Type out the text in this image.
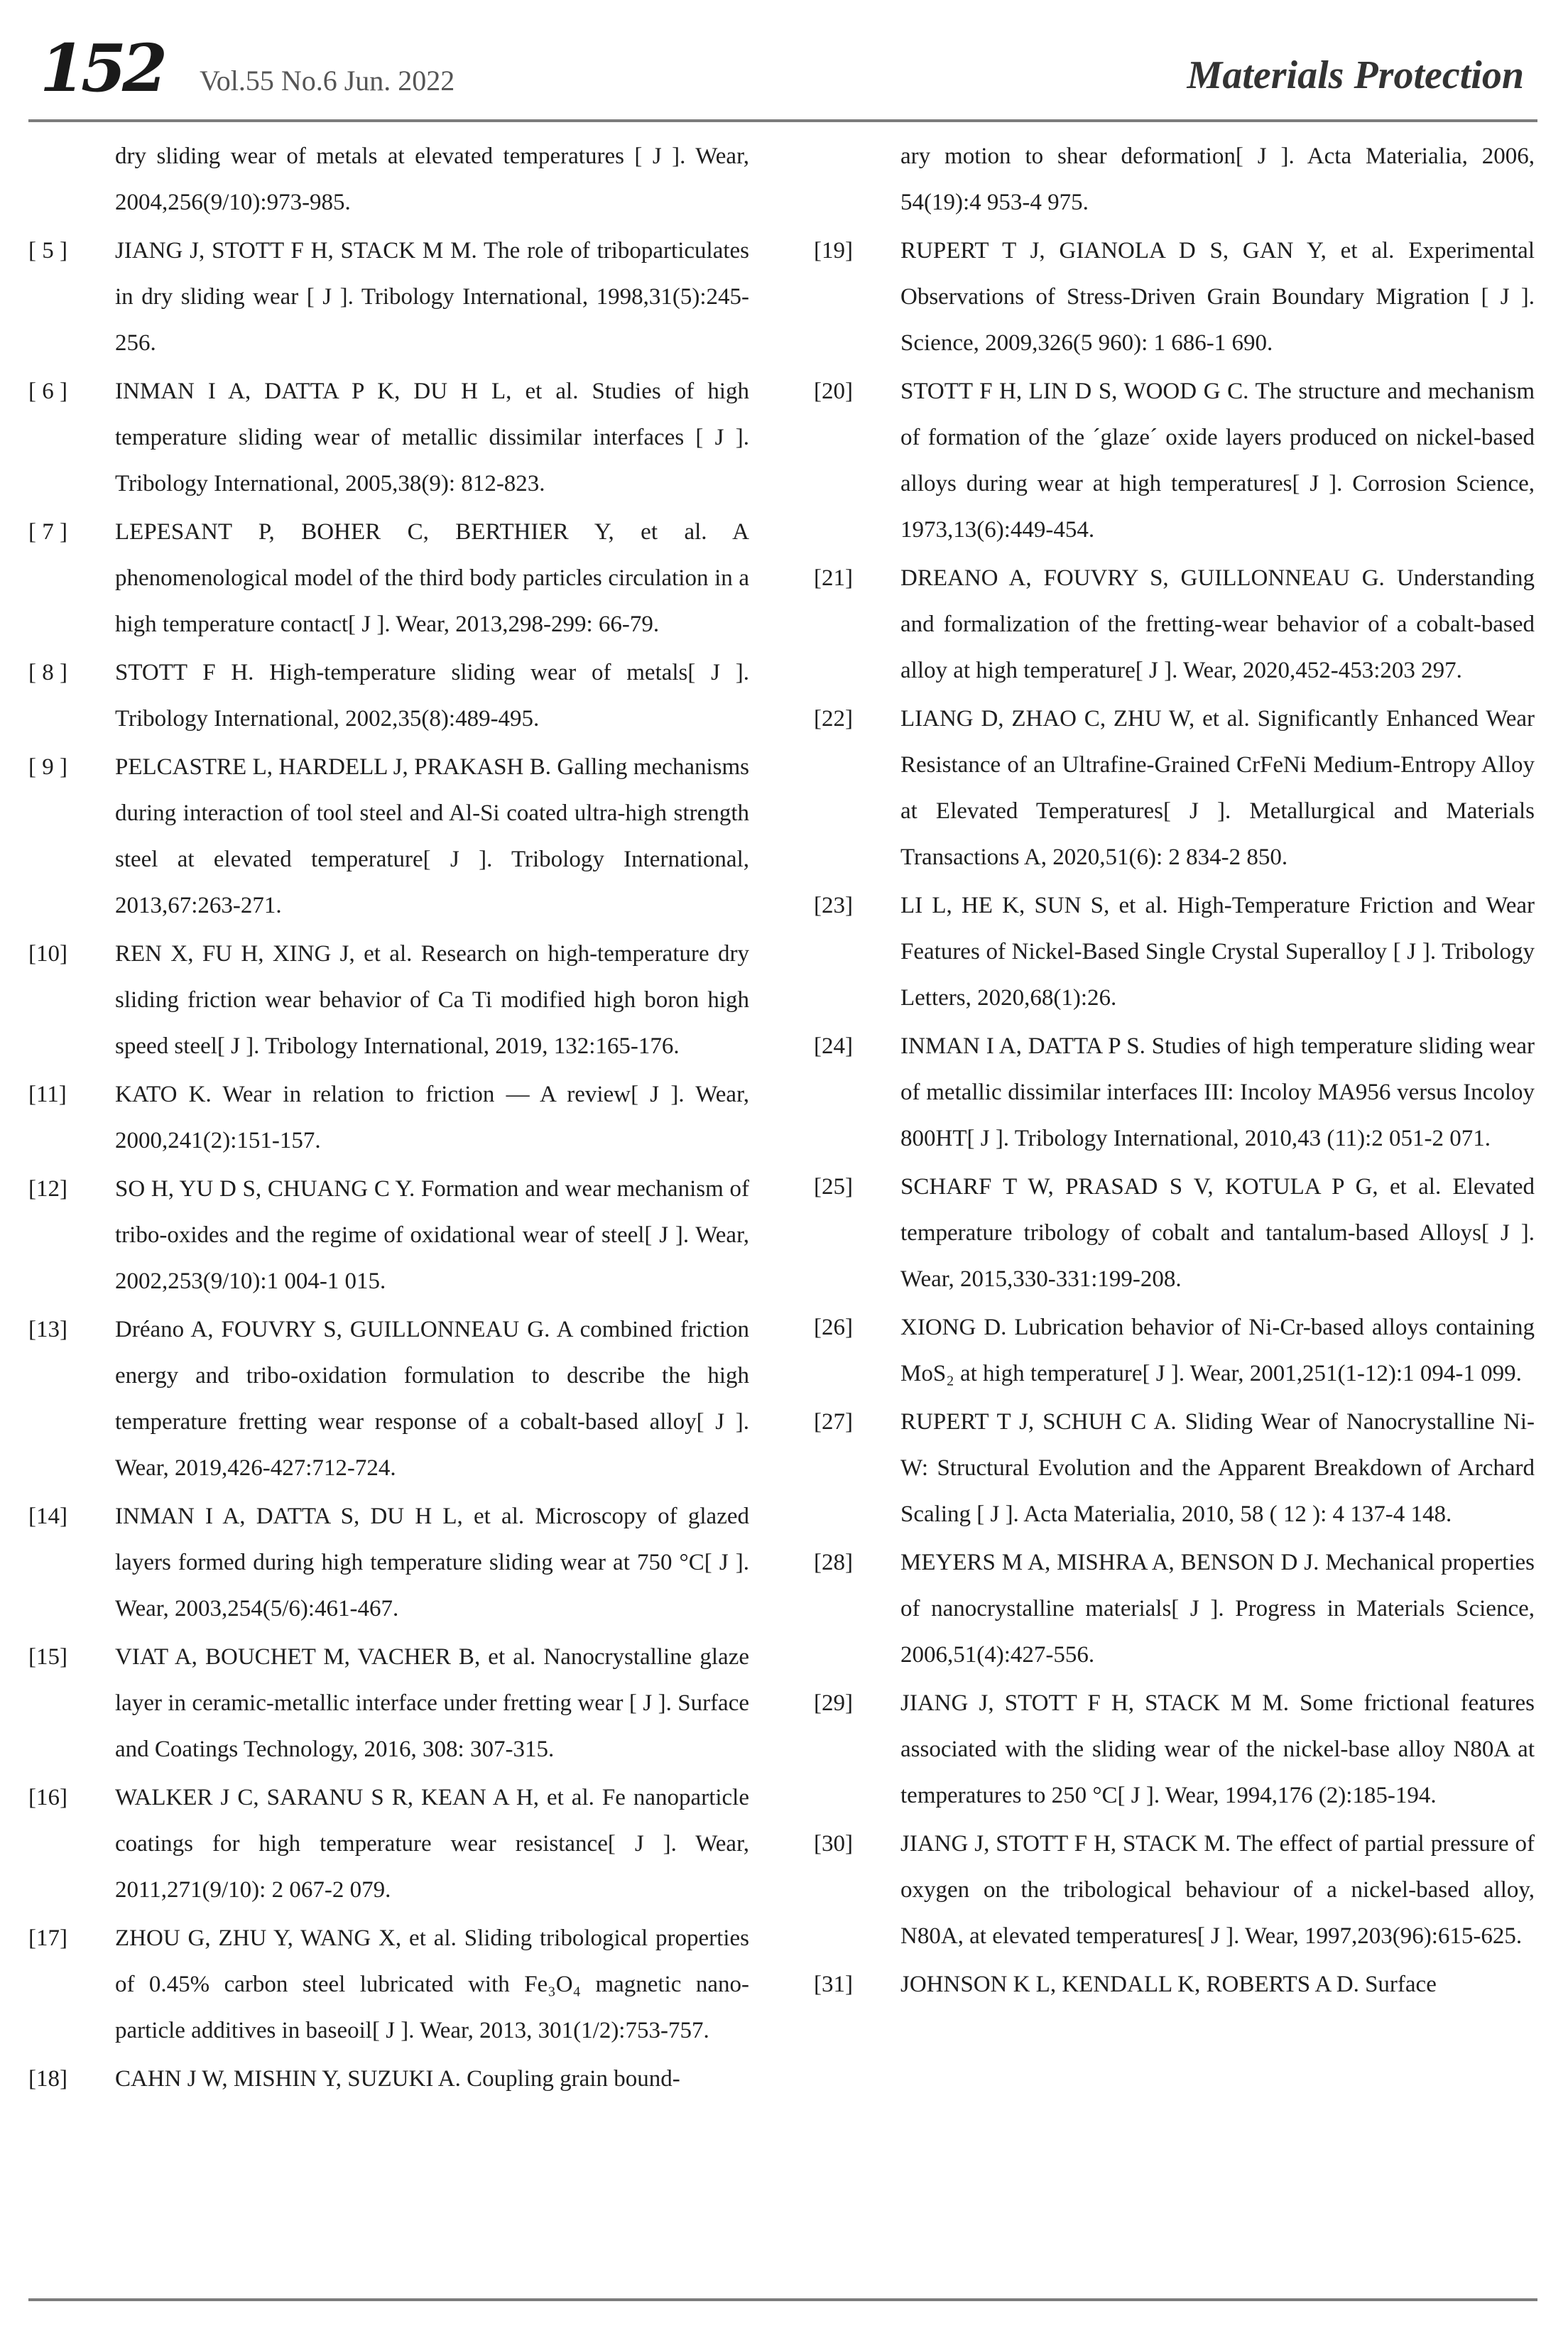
152 Vol.55 No.6 Jun. 2022	Materials Protection
dry sliding wear of metals at elevated temperatures [ J ]. Wear, 2004,256(9/10):973-985.
[ 5 ]	JIANG J, STOTT F H, STACK M M. The role of triboparticulates in dry sliding wear [ J ]. Tribology International, 1998,31(5):245-256.
[ 6 ]	INMAN I A, DATTA P K, DU H L, et al. Studies of high temperature sliding wear of metallic dissimilar interfaces [ J ]. Tribology International, 2005,38(9): 812-823.
[ 7 ]	LEPESANT P, BOHER C, BERTHIER Y, et al. A phenomenological model of the third body particles circulation in a high temperature contact[ J ]. Wear, 2013,298-299: 66-79.
[ 8 ]	STOTT F H. High-temperature sliding wear of metals[ J ]. Tribology International, 2002,35(8):489-495.
[ 9 ]	PELCASTRE L, HARDELL J, PRAKASH B. Galling mechanisms during interaction of tool steel and Al-Si coated ultra-high strength steel at elevated temperature[ J ]. Tribology International, 2013,67:263-271.
[10]	REN X, FU H, XING J, et al. Research on high-temperature dry sliding friction wear behavior of Ca Ti modified high boron high speed steel[ J ]. Tribology International, 2019, 132:165-176.
[11]	KATO K. Wear in relation to friction — A review[ J ]. Wear, 2000,241(2):151-157.
[12]	SO H, YU D S, CHUANG C Y. Formation and wear mechanism of tribo-oxides and the regime of oxidational wear of steel[ J ]. Wear, 2002,253(9/10):1 004-1 015.
[13]	Dréano A, FOUVRY S, GUILLONNEAU G. A combined friction energy and tribo-oxidation formulation to describe the high temperature fretting wear response of a cobalt-based alloy[ J ]. Wear, 2019,426-427:712-724.
[14]	INMAN I A, DATTA S, DU H L, et al. Microscopy of glazed layers formed during high temperature sliding wear at 750 °C[ J ]. Wear, 2003,254(5/6):461-467.
[15]	VIAT A, BOUCHET M, VACHER B, et al. Nanocrystalline glaze layer in ceramic-metallic interface under fretting wear [ J ]. Surface and Coatings Technology, 2016, 308: 307-315.
[16]	WALKER J C, SARANU S R, KEAN A H, et al. Fe nanoparticle coatings for high temperature wear resistance[ J ]. Wear, 2011,271(9/10): 2 067-2 079.
[17]	ZHOU G, ZHU Y, WANG X, et al. Sliding tribological properties of 0.45% carbon steel lubricated with Fe₃O₄ magnetic nano-particle additives in baseoil[ J ]. Wear, 2013, 301(1/2):753-757.
[18]	CAHN J W, MISHIN Y, SUZUKI A. Coupling grain bound-
ary motion to shear deformation[ J ]. Acta Materialia, 2006, 54(19):4 953-4 975.
[19]	RUPERT T J, GIANOLA D S, GAN Y, et al. Experimental Observations of Stress-Driven Grain Boundary Migration [ J ]. Science, 2009,326(5 960): 1 686-1 690.
[20]	STOTT F H, LIN D S, WOOD G C. The structure and mechanism of formation of the ´glaze´ oxide layers produced on nickel-based alloys during wear at high temperatures[ J ]. Corrosion Science, 1973,13(6):449-454.
[21]	DREANO A, FOUVRY S, GUILLONNEAU G. Understanding and formalization of the fretting-wear behavior of a cobalt-based alloy at high temperature[ J ]. Wear, 2020,452-453:203 297.
[22]	LIANG D, ZHAO C, ZHU W, et al. Significantly Enhanced Wear Resistance of an Ultrafine-Grained CrFeNi Medium-Entropy Alloy at Elevated Temperatures[ J ]. Metallurgical and Materials Transactions A, 2020,51(6): 2 834-2 850.
[23]	LI L, HE K, SUN S, et al. High-Temperature Friction and Wear Features of Nickel-Based Single Crystal Superalloy [ J ]. Tribology Letters, 2020,68(1):26.
[24]	INMAN I A, DATTA P S. Studies of high temperature sliding wear of metallic dissimilar interfaces III: Incoloy MA956 versus Incoloy 800HT[ J ]. Tribology International, 2010,43 (11):2 051-2 071.
[25]	SCHARF T W, PRASAD S V, KOTULA P G, et al. Elevated temperature tribology of cobalt and tantalum-based Alloys[ J ]. Wear, 2015,330-331:199-208.
[26]	XIONG D. Lubrication behavior of Ni-Cr-based alloys containing MoS₂ at high temperature[ J ]. Wear, 2001,251(1-12):1 094-1 099.
[27]	RUPERT T J, SCHUH C A. Sliding Wear of Nanocrystalline Ni-W: Structural Evolution and the Apparent Breakdown of Archard Scaling [ J ]. Acta Materialia, 2010, 58 ( 12 ): 4 137-4 148.
[28]	MEYERS M A, MISHRA A, BENSON D J. Mechanical properties of nanocrystalline materials[ J ]. Progress in Materials Science, 2006,51(4):427-556.
[29]	JIANG J, STOTT F H, STACK M M. Some frictional features associated with the sliding wear of the nickel-base alloy N80A at temperatures to 250 °C[ J ]. Wear, 1994,176 (2):185-194.
[30]	JIANG J, STOTT F H, STACK M. The effect of partial pressure of oxygen on the tribological behaviour of a nickel-based alloy, N80A, at elevated temperatures[ J ]. Wear, 1997,203(96):615-625.
[31]	JOHNSON K L, KENDALL K, ROBERTS A D. Surface
